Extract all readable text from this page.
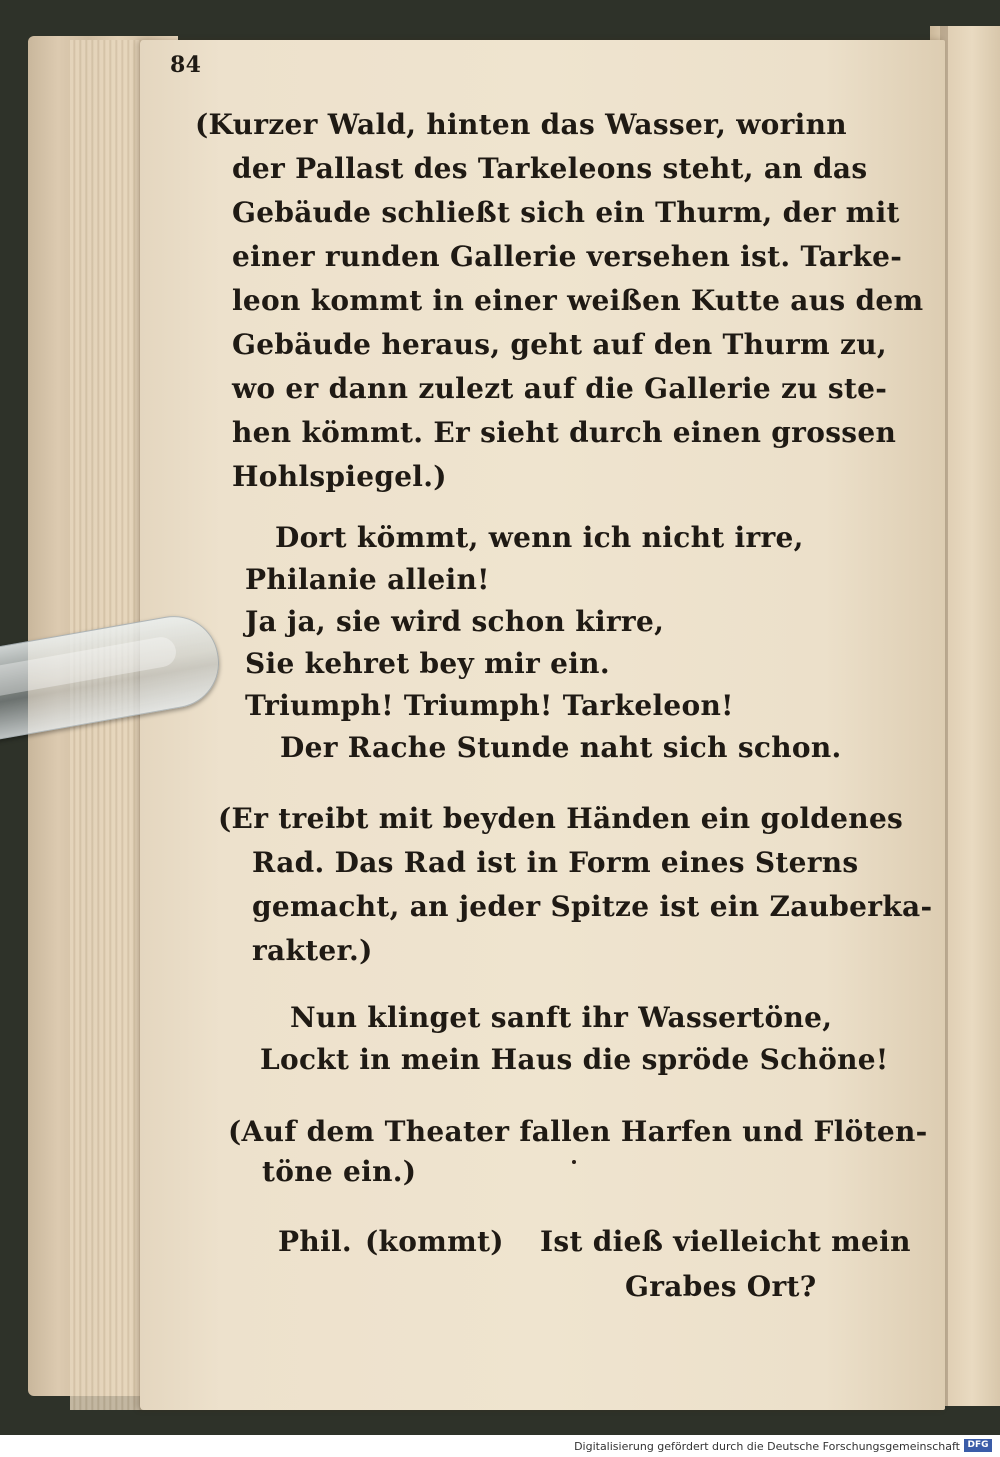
84
(Kurzer Wald, hinten das Wasser, worinn
der Pallast des Tarkeleons steht, an das
Gebäude schließt sich ein Thurm, der mit
einer runden Gallerie versehen ist. Tarke-
leon kommt in einer weißen Kutte aus dem
Gebäude heraus, geht auf den Thurm zu,
wo er dann zulezt auf die Gallerie zu ste-
hen kömmt. Er sieht durch einen grossen
Hohlspiegel.)
Dort kömmt, wenn ich nicht irre,
Philanie allein!
Ja ja, sie wird schon kirre,
Sie kehret bey mir ein.
Triumph! Triumph! Tarkeleon!
Der Rache Stunde naht sich schon.
(Er treibt mit beyden Händen ein goldenes
Rad. Das Rad ist in Form eines Sterns
gemacht, an jeder Spitze ist ein Zauberka-
rakter.)
Nun klinget sanft ihr Wassertöne,
Lockt in mein Haus die spröde Schöne!
(Auf dem Theater fallen Harfen und Flöten-
töne ein.)
Phil. (kommt) Ist dieß vielleicht mein
Grabes Ort?
Digitalisierung gefördert durch die Deutsche Forschungsgemeinschaft DFG
